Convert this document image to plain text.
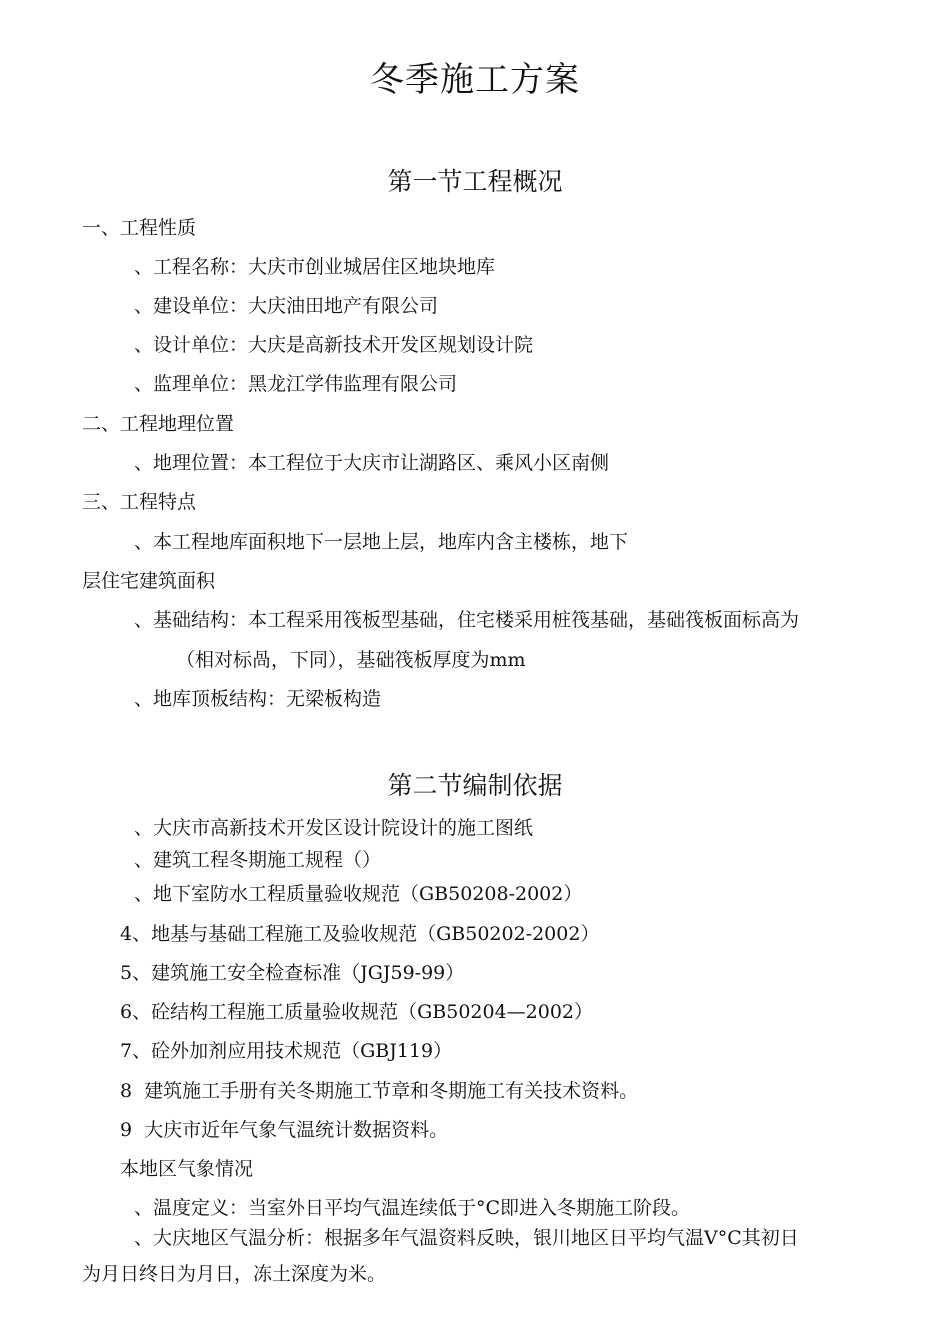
冬季施工方案
第一节工程概况
一、工程性质
、工程名称：大庆市创业城居住区地块地库
、建设单位：大庆油田地产有限公司
、设计单位：大庆是高新技术开发区规划设计院
、监理单位：黑龙江学伟监理有限公司
二、工程地理位置
、地理位置：本工程位于大庆市让湖路区、乘风小区南侧
三、工程特点
、本工程地库面积地下一层地上层，地库内含主楼栋，地下
层住宅建筑面积
、基础结构：本工程采用筏板型基础，住宅楼采用桩筏基础，基础筏板面标高为
（相对标咼，下同），基础筏板厚度为mm
、地库顶板结构：无梁板构造
第二节编制依据
、大庆市高新技术开发区设计院设计的施工图纸
、建筑工程冬期施工规程（）
、地下室防水工程质量验收规范（GB50208-2002）
4、地基与基础工程施工及验收规范（GB50202-2002）
5、建筑施工安全检查标准（JGJ59-99）
6、砼结构工程施工质量验收规范（GB50204—2002）
7、砼外加剂应用技术规范（GBJ119）
8  建筑施工手册有关冬期施工节章和冬期施工有关技术资料。
9  大庆市近年气象气温统计数据资料。
本地区气象情况
、温度定义：当室外日平均气温连续低于°C即进入冬期施工阶段。
、大庆地区气温分析：根据多年气温资料反映，银川地区日平均气温V°C其初日
为月日终日为月日，冻土深度为米。
